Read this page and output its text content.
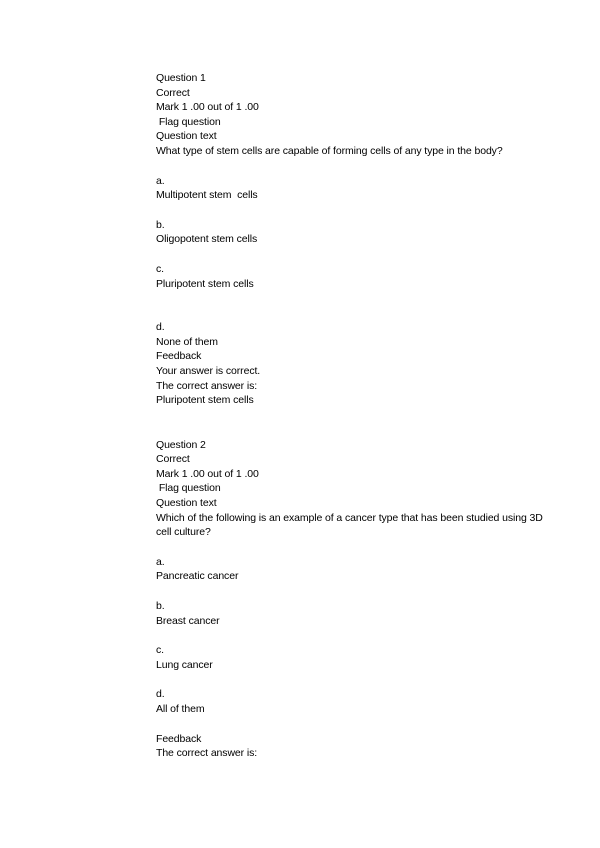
Question 1
Correct
Mark 1 .00 out of 1 .00
Flag question
Question text
What type of stem cells are capable of forming cells of any type in the body?
a.
Multipotent stem  cells
b.
Oligopotent stem cells
c.
Pluripotent stem cells
d.
None of them
Feedback
Your answer is correct.
The correct answer is:
Pluripotent stem cells
Question 2
Correct
Mark 1 .00 out of 1 .00
Flag question
Question text
Which of the following is an example of a cancer type that has been studied using 3D cell culture?
a.
Pancreatic cancer
b.
Breast cancer
c.
Lung cancer
d.
All of them
Feedback
The correct answer is:
